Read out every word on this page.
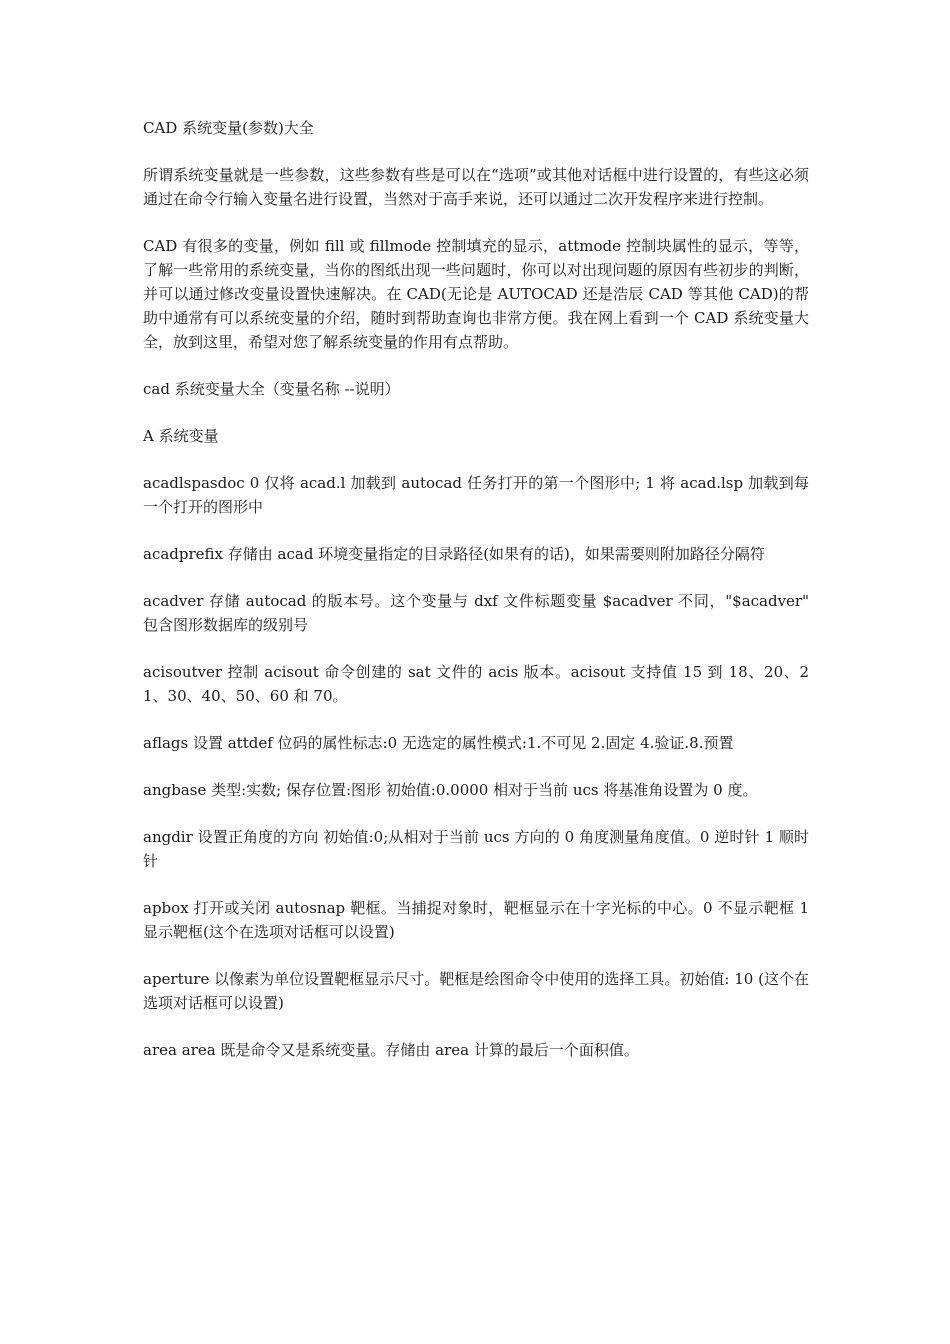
CAD 系统变量(参数)大全

所谓系统变量就是一些参数，这些参数有些是可以在“选项”或其他对话框中进行设置的，有些这必须通过在命令行输入变量名进行设置，当然对于高手来说，还可以通过二次开发程序来进行控制。

CAD 有很多的变量，例如 fill 或 fillmode 控制填充的显示，attmode 控制块属性的显示，等等，了解一些常用的系统变量，当你的图纸出现一些问题时，你可以对出现问题的原因有些初步的判断，并可以通过修改变量设置快速解决。在 CAD(无论是 AUTOCAD 还是浩辰 CAD 等其他 CAD)的帮助中通常有可以系统变量的介绍，随时到帮助查询也非常方便。我在网上看到一个 CAD 系统变量大全，放到这里，希望对您了解系统变量的作用有点帮助。

cad 系统变量大全（变量名称 --说明）

A 系统变量

acadlspasdoc 0 仅将 acad.l 加载到 autocad 任务打开的第一个图形中; 1 将 acad.lsp 加载到每一个打开的图形中

acadprefix 存储由 acad 环境变量指定的目录路径(如果有的话)，如果需要则附加路径分隔符

acadver 存储 autocad 的版本号。这个变量与 dxf 文件标题变量 $acadver 不同，"$acadver" 包含图形数据库的级别号

acisoutver 控制 acisout 命令创建的 sat 文件的 acis 版本。acisout 支持值 15 到 18、20、21、30、40、50、60 和 70。

aflags 设置 attdef 位码的属性标志:0 无选定的属性模式:1.不可见 2.固定 4.验证.8.预置

angbase 类型:实数; 保存位置:图形 初始值:0.0000 相对于当前 ucs 将基准角设置为 0 度。

angdir 设置正角度的方向 初始值:0;从相对于当前 ucs 方向的 0 角度测量角度值。0 逆时针 1 顺时针

apbox 打开或关闭 autosnap 靶框。当捕捉对象时，靶框显示在十字光标的中心。0 不显示靶框 1 显示靶框(这个在选项对话框可以设置)

aperture 以像素为单位设置靶框显示尺寸。靶框是绘图命令中使用的选择工具。初始值: 10 (这个在选项对话框可以设置)

area area 既是命令又是系统变量。存储由 area 计算的最后一个面积值。
